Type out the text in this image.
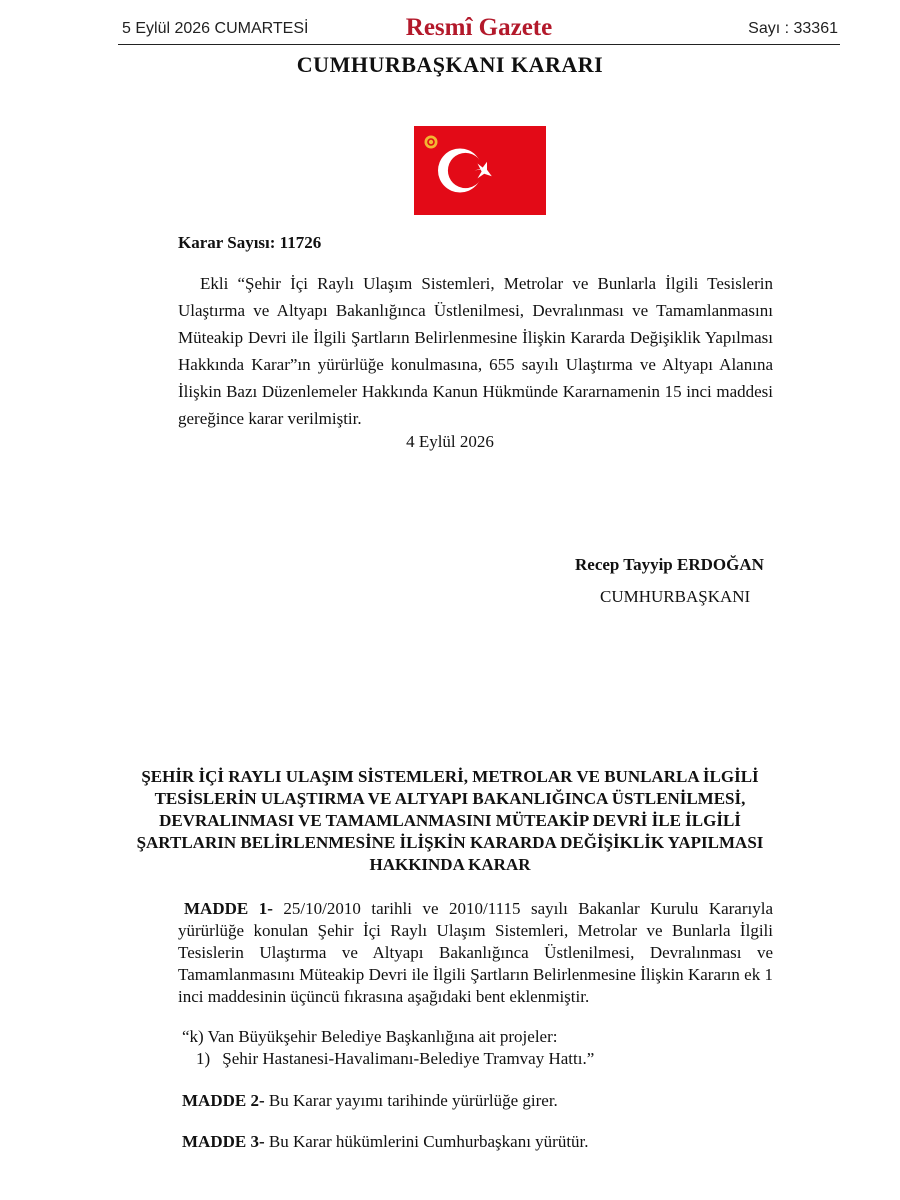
5 Eylül 2026 CUMARTESİ	Resmî Gazete	Sayı : 33361
CUMHURBAŞKANI KARARI
Karar Sayısı: 11726

Ekli “Şehir İçi Raylı Ulaşım Sistemleri, Metrolar ve Bunlarla İlgili Tesislerin Ulaştırma ve Altyapı Bakanlığınca Üstlenilmesi, Devralınması ve Tamamlanmasını Müteakip Devri ile İlgili Şartların Belirlenmesine İlişkin Kararda Değişiklik Yapılması Hakkında Karar”ın yürürlüğe konulmasına, 655 sayılı Ulaştırma ve Altyapı Alanına İlişkin Bazı Düzenlemeler Hakkında Kanun Hükmünde Kararnamenin 15 inci maddesi gereğince karar verilmiştir.

4 Eylül 2026
Recep Tayyip ERDOĞAN
CUMHURBAŞKANI
ŞEHİR İÇİ RAYLI ULAŞIM SİSTEMLERİ, METROLAR VE BUNLARLA İLGİLİ
TESİSLERİN ULAŞTIRMA VE ALTYAPI BAKANLIĞINCA ÜSTLENİLMESİ,
DEVRALINMASI VE TAMAMLANMASINI MÜTEAKİP DEVRİ İLE İLGİLİ
ŞARTLARIN BELİRLENMESİNE İLİŞKİN KARARDA DEĞİŞİKLİK YAPILMASI
HAKKINDA KARAR

MADDE 1- 25/10/2010 tarihli ve 2010/1115 sayılı Bakanlar Kurulu Kararıyla yürürlüğe konulan Şehir İçi Raylı Ulaşım Sistemleri, Metrolar ve Bunlarla İlgili Tesislerin Ulaştırma ve Altyapı Bakanlığınca Üstlenilmesi, Devralınması ve Tamamlanmasını Müteakip Devri ile İlgili Şartların Belirlenmesine İlişkin Kararın ek 1 inci maddesinin üçüncü fıkrasına aşağıdaki bent eklenmiştir.

“k) Van Büyükşehir Belediye Başkanlığına ait projeler:
1) Şehir Hastanesi-Havalimanı-Belediye Tramvay Hattı.”
MADDE 2- Bu Karar yayımı tarihinde yürürlüğe girer.
MADDE 3- Bu Karar hükümlerini Cumhurbaşkanı yürütür.
